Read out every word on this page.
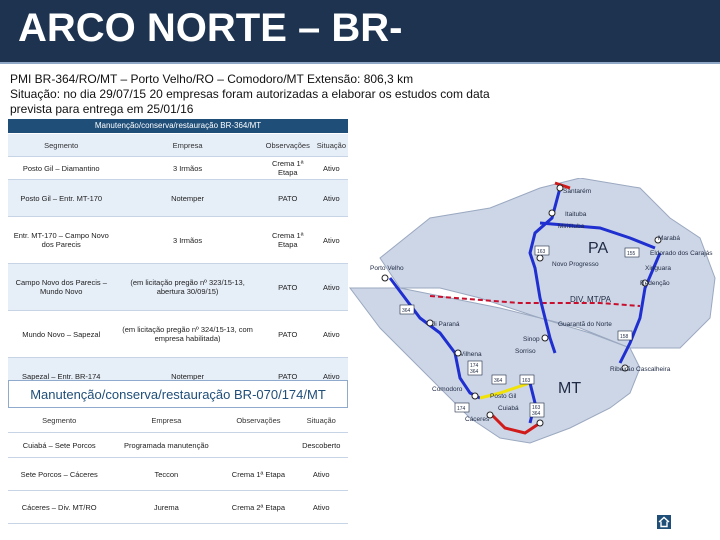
ARCO NORTE – BR-
PMI BR-364/RO/MT – Porto Velho/RO – Comodoro/MT Extensão: 806,3 km
Situação: no dia 29/07/15 20 empresas foram autorizadas a elaborar os estudos com data
prevista para entrega em 25/01/16
PA
MT
Santarém
Itaituba
Miritituba
Marabá
Eldorado dos Carajás
Xinguara
Redenção
Novo Progresso
Porto Velho
DIV. MT/PA
Ji Paraná	Guarantã do Norte
Sinop
Sorriso
Vilhena
Comodoro
Posto Gil
Cuiabá
Cáceres
Ribeirão Cascalheira
163	155
158
364
364	163
174
174
364
163
364
Manutenção/conserva/restauração BR-364/MT
Segmento	Empresa	Observações	Situação
Posto Gil – Diamantino	3 Irmãos	Crema 1ª Etapa	Ativo
Posto Gil – Entr. MT-170	Notemper	PATO	Ativo
Entr. MT-170 – Campo Novo dos Parecis	3 Irmãos	Crema 1ª Etapa	Ativo
Campo Novo dos Parecis – Mundo Novo	(em licitação pregão nº 323/15-13, abertura 30/09/15)	PATO	Ativo
Mundo Novo – Sapezal	(em licitação pregão nº 324/15-13, com empresa habilitada)	PATO	Ativo
Sapezal – Entr. BR-174	Notemper	PATO	Ativo
Manutenção/conserva/restauração BR-070/174/MT
Segmento	Empresa	Observações	Situação
Cuiabá – Sete Porcos	Programada manutenção		Descoberto
Sete Porcos – Cáceres	Teccon	Crema 1ª Etapa	Ativo
Cáceres – Div. MT/RO	Jurema	Crema 2ª Etapa	Ativo
